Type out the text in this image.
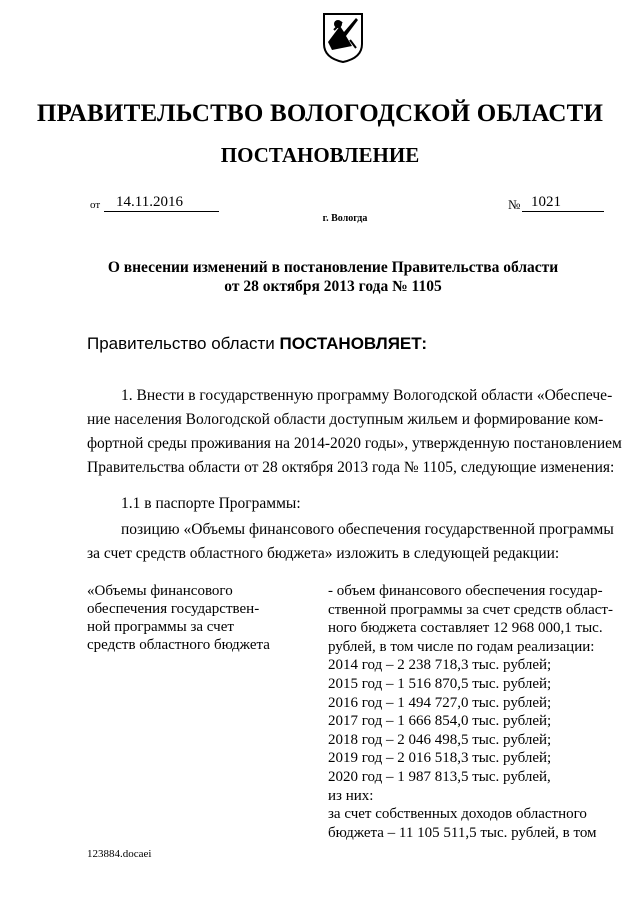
ПРАВИТЕЛЬСТВО ВОЛОГОДСКОЙ ОБЛАСТИ
ПОСТАНОВЛЕНИЕ
от	14.11.2016	№ 1021
г. Вологда
О внесении изменений в постановление Правительства области
от 28 октября 2013 года № 1105
Правительство области ПОСТАНОВЛЯЕТ:
1. Внести в государственную программу Вологодской области «Обеспече-
ние населения Вологодской области доступным жильем и формирование ком-
фортной среды проживания на 2014-2020 годы», утвержденную постановлением
Правительства области от 28 октября 2013 года № 1105, следующие изменения:
1.1 в паспорте Программы:
позицию «Объемы финансового обеспечения государственной программы
за счет средств областного бюджета» изложить в следующей редакции:
«Объемы финансового
обеспечения государствен-
ной программы за счет
средств областного бюджета
- объем финансового обеспечения государ-
ственной программы за счет средств област-
ного бюджета составляет 12 968 000,1 тыс.
рублей, в том числе по годам реализации:
2014 год – 2 238 718,3 тыс. рублей;
2015 год – 1 516 870,5 тыс. рублей;
2016 год – 1 494 727,0 тыс. рублей;
2017 год – 1 666 854,0 тыс. рублей;
2018 год – 2 046 498,5 тыс. рублей;
2019 год – 2 016 518,3 тыс. рублей;
2020 год – 1 987 813,5 тыс. рублей,
из них:
за счет собственных доходов областного
бюджета – 11 105 511,5 тыс. рублей, в том
123884.docaei
